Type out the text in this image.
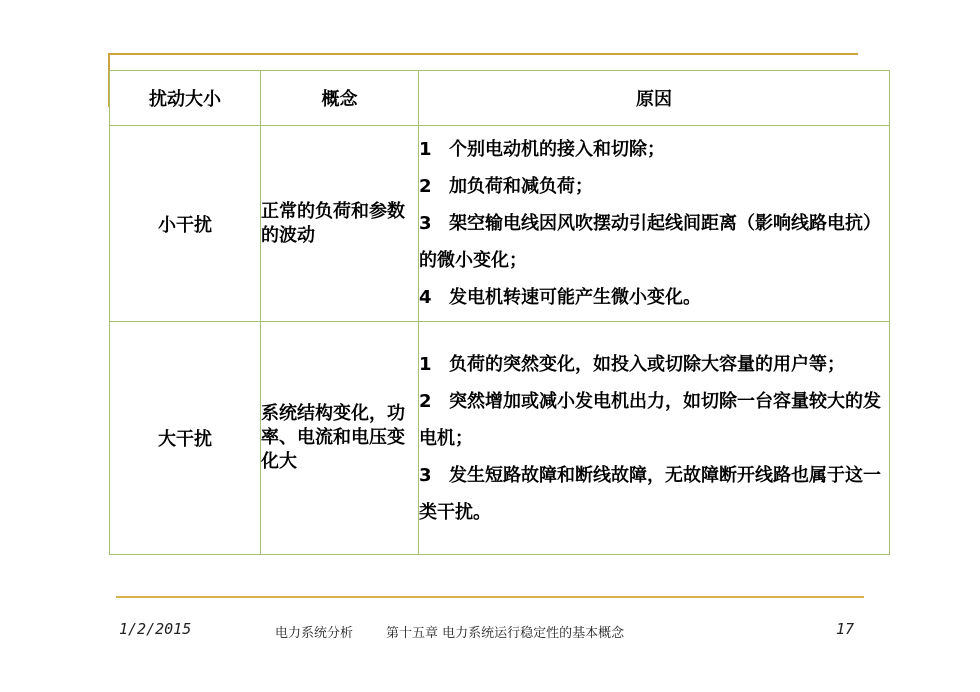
扰动大小	概念	原因
小干扰	正常的负荷和参数的波动	1 个别电动机的接入和切除；

2 加负荷和减负荷；

3 架空输电线因风吹摆动引起线间距离（影响线路电抗）的微小变化；

4 发电机转速可能产生微小变化。

大干扰	系统结构变化，功率、电流和电压变化大	1 负荷的突然变化，如投入或切除大容量的用户等；

2 突然增加或减小发电机出力，如切除一台容量较大的发电机；

3 发生短路故障和断线故障，无故障断开线路也属于这一类干扰。

1/2/2015	电力系统分析	第十五章 电力系统运行稳定性的基本概念	17
